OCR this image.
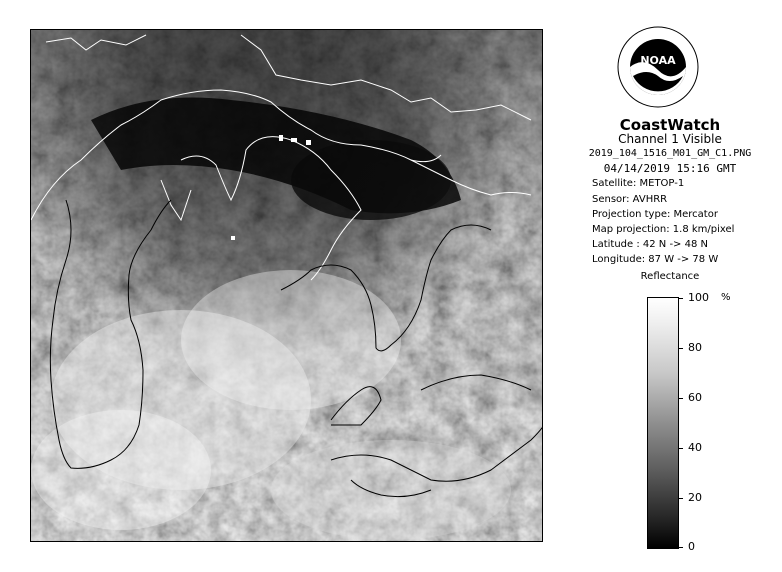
NOAA
CoastWatch
Channel 1 Visible
2019_104_1516_M01_GM_C1.PNG
04/14/2019 15:16 GMT
Satellite: METOP-1
Sensor: AVHRR
Projection type: Mercator
Map projection: 1.8 km/pixel
Latitude : 42 N -> 48 N
Longitude: 87 W -> 78 W
Reflectance
%
100
80
60
40
20
0
